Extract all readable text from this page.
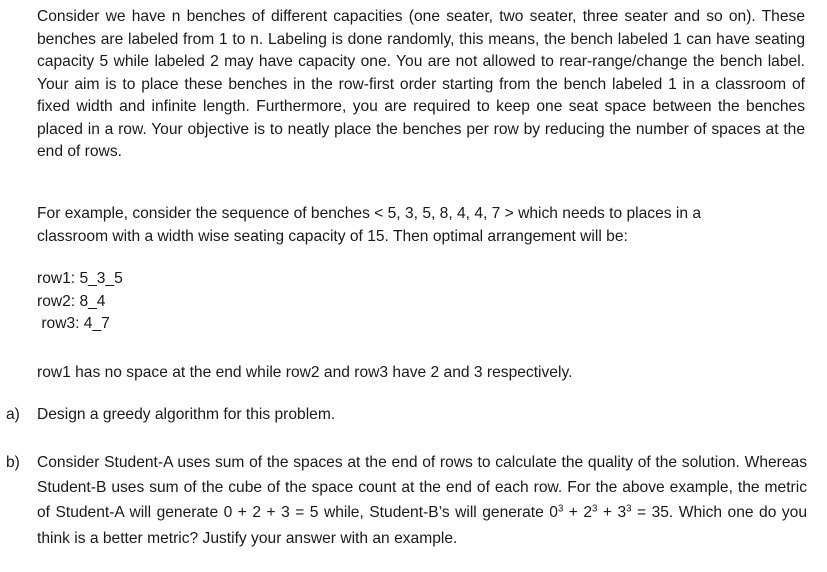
Consider we have n benches of different capacities (one seater, two seater, three seater and so on). These benches are labeled from 1 to n. Labeling is done randomly, this means, the bench labeled 1 can have seating capacity 5 while labeled 2 may have capacity one. You are not allowed to rear-range/change the bench label. Your aim is to place these benches in the row-first order starting from the bench labeled 1 in a classroom of fixed width and infinite length. Furthermore, you are required to keep one seat space between the benches placed in a row. Your objective is to neatly place the benches per row by reducing the number of spaces at the end of rows.

For example, consider the sequence of benches < 5, 3, 5, 8, 4, 4, 7 > which needs to places in a
classroom with a width wise seating capacity of 15. Then optimal arrangement will be:

row1: 5_3_5
row2: 8_4
row3: 4_7
row1 has no space at the end while row2 and row3 have 2 and 3 respectively.
a) Design a greedy algorithm for this problem.

b) Consider Student-A uses sum of the spaces at the end of rows to calculate the quality of the solution. Whereas Student-B uses sum of the cube of the space count at the end of each row. For the above example, the metric of Student-A will generate 0 + 2 + 3 = 5 while, Student-B’s will generate $0^3 + 2^3 + 3^3 = 35$. Which one do you think is a better metric? Justify your answer with an example.
